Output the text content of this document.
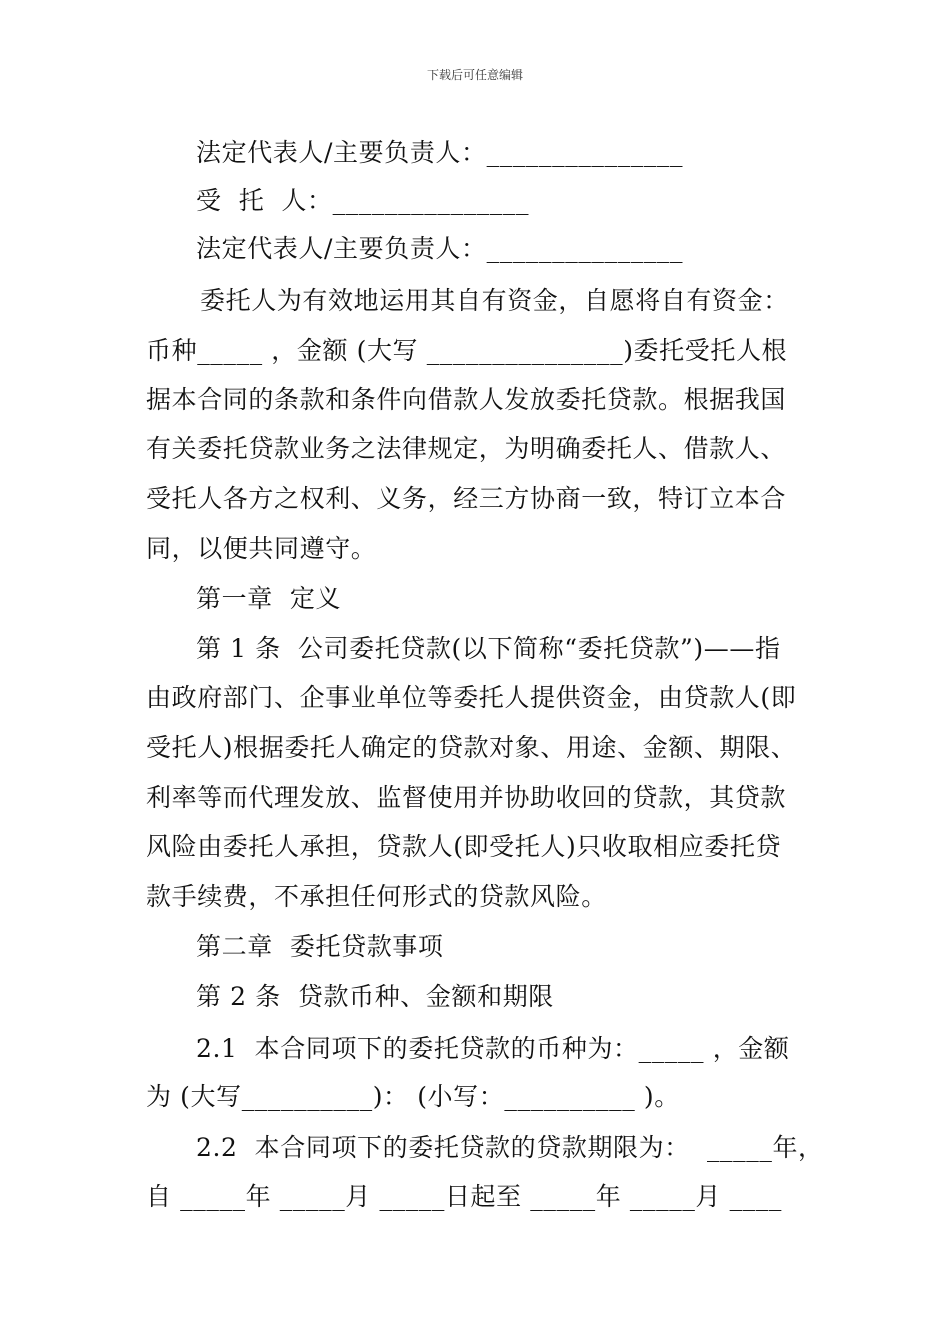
下载后可任意编辑
法定代表人/主要负责人：_______________
受  托  人：_______________
法定代表人/主要负责人：_______________
委托人为有效地运用其自有资金，自愿将自有资金：
币种_____ ，金额 (大写 _______________)委托受托人根
据本合同的条款和条件向借款人发放委托贷款。根据我国
有关委托贷款业务之法律规定，为明确委托人、借款人、
受托人各方之权利、义务，经三方协商一致，特订立本合
同，以便共同遵守。
第一章  定义
第 1 条  公司委托贷款(以下简称“委托贷款”)——指
由政府部门、企事业单位等委托人提供资金，由贷款人(即
受托人)根据委托人确定的贷款对象、用途、金额、期限、
利率等而代理发放、监督使用并协助收回的贷款，其贷款
风险由委托人承担，贷款人(即受托人)只收取相应委托贷
款手续费，不承担任何形式的贷款风险。
第二章  委托贷款事项
第 2 条  贷款币种、金额和期限
2.1  本合同项下的委托贷款的币种为：_____ ，金额
为 (大写__________)： (小写：__________ )。
2.2  本合同项下的委托贷款的贷款期限为：  _____年，
自 _____年 _____月 _____日起至 _____年 _____月 ____
